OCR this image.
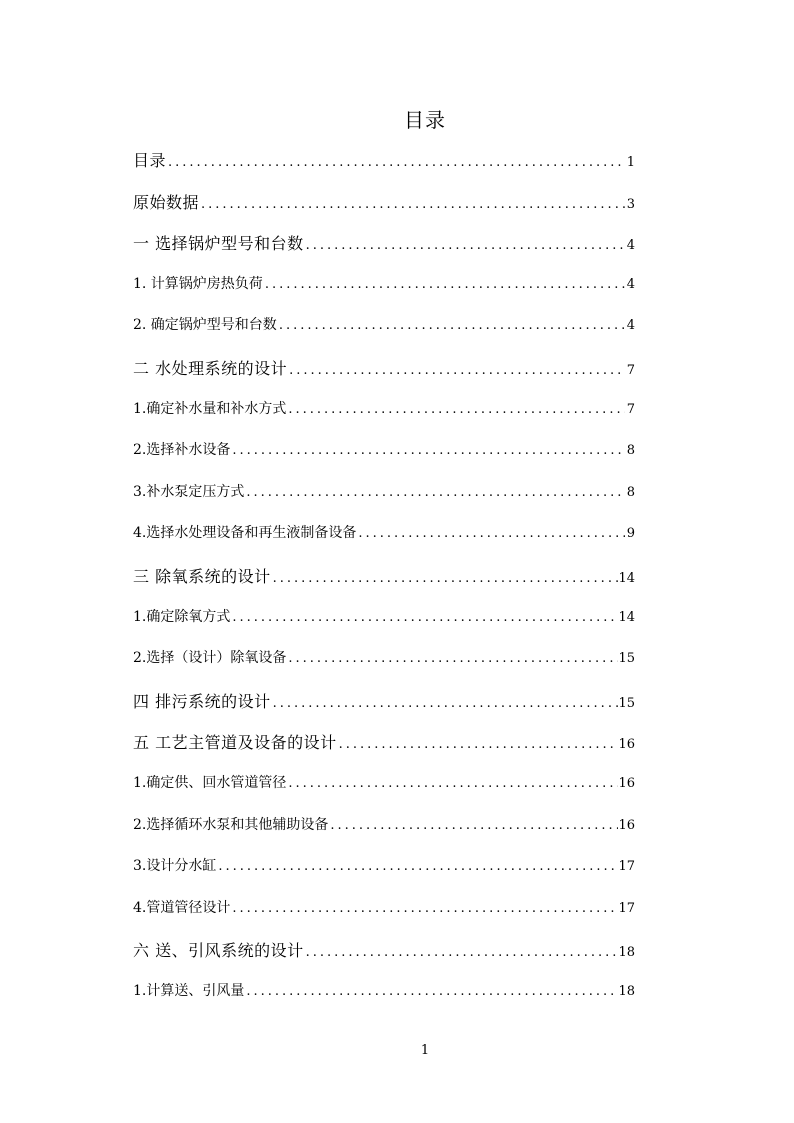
目录
目录 .....	1
原始数据 .....	3
一 选择锅炉型号和台数 .....	4
1. 计算锅炉房热负荷 .....	4
2. 确定锅炉型号和台数 .....	4
二 水处理系统的设计 .....	7
1.确定补水量和补水方式 .....	7
2.选择补水设备 .....	8
3.补水泵定压方式 .....	8
4.选择水处理设备和再生液制备设备 .....	9
三 除氧系统的设计 .....	14
1.确定除氧方式 .....	14
2.选择（设计）除氧设备 .....	15
四 排污系统的设计 .....	15
五 工艺主管道及设备的设计 .....	16
1.确定供、回水管道管径 .....	16
2.选择循环水泵和其他辅助设备 .....	16
3.设计分水缸 .....	17
4.管道管径设计 .....	17
六 送、引风系统的设计 .....	18
1.计算送、引风量 .....	18
1
